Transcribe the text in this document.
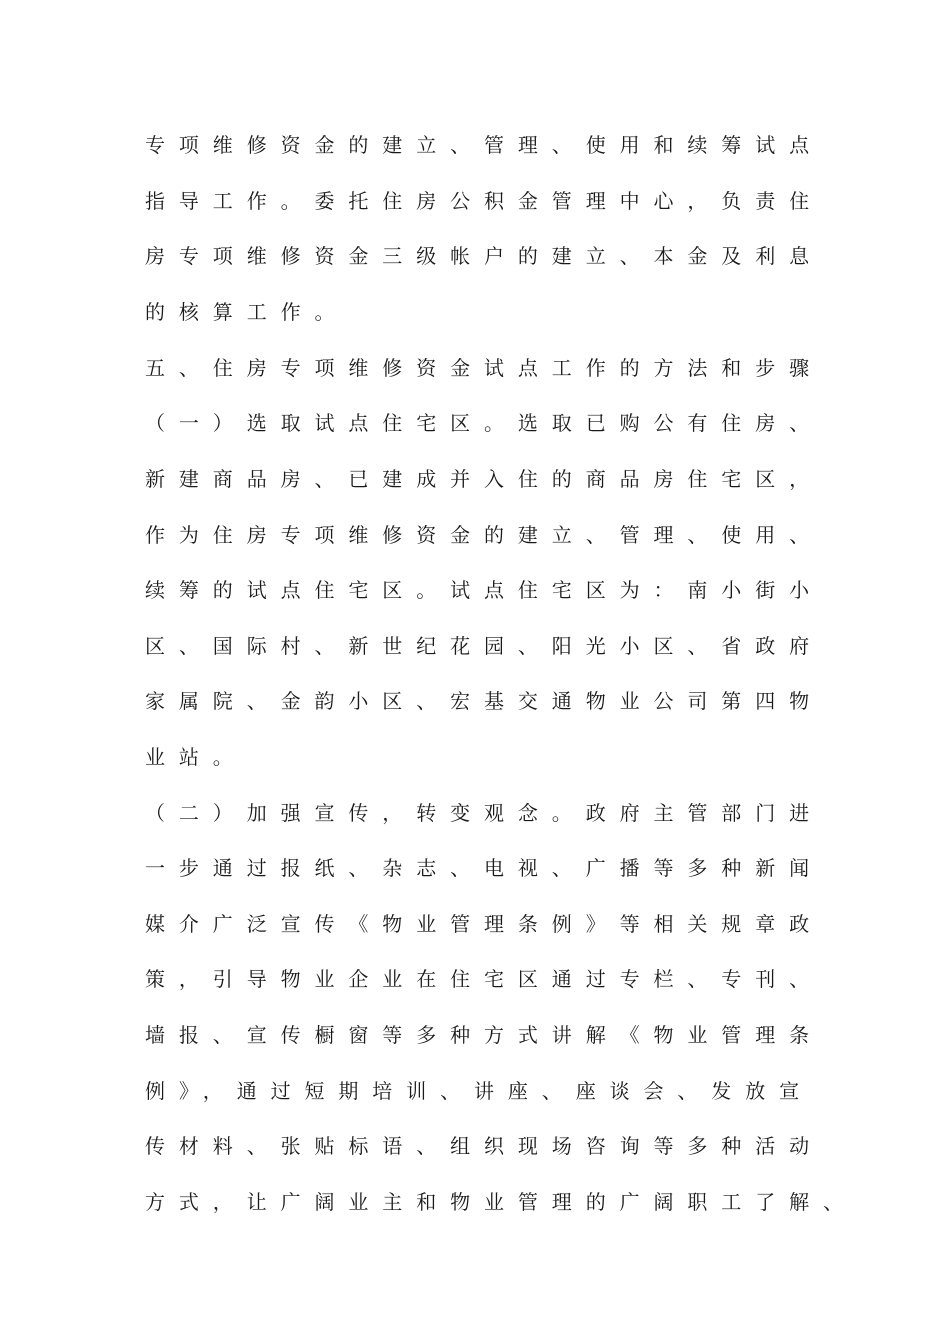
专项维修资金的建立、管理、使用和续筹试点
指导工作。委托住房公积金管理中心，负责住
房专项维修资金三级帐户的建立、本金及利息
的核算工作。
五、住房专项维修资金试点工作的方法和步骤
（一）选取试点住宅区。选取已购公有住房、
新建商品房、已建成并入住的商品房住宅区，
作为住房专项维修资金的建立、管理、使用、
续筹的试点住宅区。试点住宅区为：南小街小
区、国际村、新世纪花园、阳光小区、省政府
家属院、金韵小区、宏基交通物业公司第四物
业站。
（二）加强宣传，转变观念。政府主管部门进
一步通过报纸、杂志、电视、广播等多种新闻
媒介广泛宣传《物业管理条例》等相关规章政
策，引导物业企业在住宅区通过专栏、专刊、
墙报、宣传橱窗等多种方式讲解《物业管理条
例》，通过短期培训、讲座、座谈会、发放宣
传材料、张贴标语、组织现场咨询等多种活动
方式，让广阔业主和物业管理的广阔职工了解、
